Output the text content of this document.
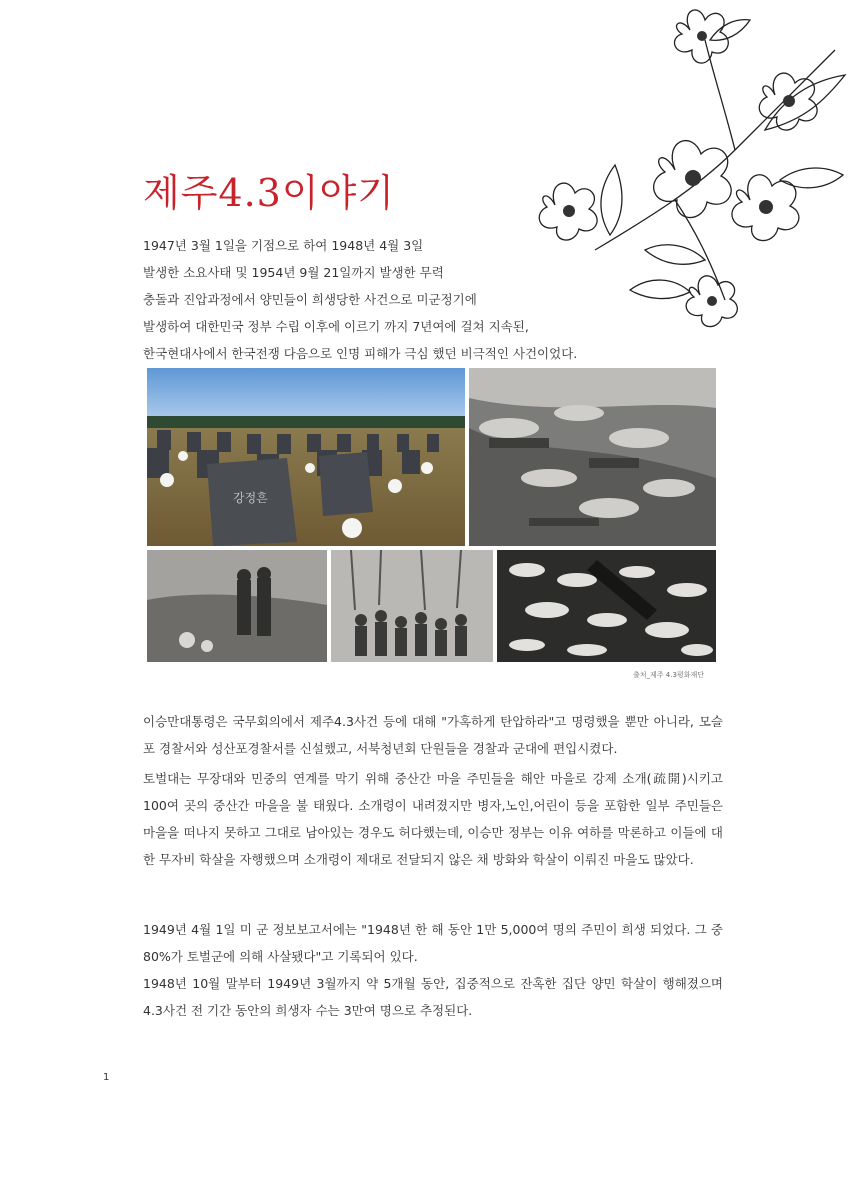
제주4.3이야기

1947년 3월 1일을 기점으로 하여 1948년 4월 3일

발생한 소요사태 및 1954년 9월 21일까지 발생한 무력

충돌과 진압과정에서 양민들이 희생당한 사건으로 미군정기에

발생하여 대한민국 정부 수립 이후에 이르기 까지 7년여에 걸쳐 지속된,

한국현대사에서 한국전쟁 다음으로 인명 피해가 극심 했던 비극적인 사건이었다.

강정흔
출처_제주 4.3평화재단

이승만대통령은 국무회의에서 제주4.3사건 등에 대해 "가혹하게 탄압하라"고 명령했을 뿐만 아니라, 모슬포 경찰서와 성산포경찰서를 신설했고, 서북청년회 단원들을 경찰과 군대에 편입시켰다.

토벌대는 무장대와 민중의 연계를 막기 위해 중산간 마을 주민들을 해안 마을로 강제 소개(疏開)시키고 100여 곳의 중산간 마을을 불 태웠다. 소개령이 내려졌지만 병자,노인,어린이 등을 포함한 일부 주민들은 마을을 떠나지 못하고 그대로 남아있는 경우도 허다했는데, 이승만 정부는 이유 여하를 막론하고 이들에 대한 무자비 학살을 자행했으며 소개령이 제대로 전달되지 않은 채 방화와 학살이 이뤄진 마을도 많았다.

1949년 4월 1일 미 군 정보보고서에는 "1948년 한 해 동안 1만 5,000여 명의 주민이 희생 되었다. 그 중 80%가 토벌군에 의해 사살됐다"고 기록되어 있다.

1948년 10월 말부터 1949년 3월까지 약 5개월 동안, 집중적으로 잔혹한 집단 양민 학살이 행해졌으며 4.3사건 전 기간 동안의 희생자 수는 3만여 명으로 추정된다.

1
